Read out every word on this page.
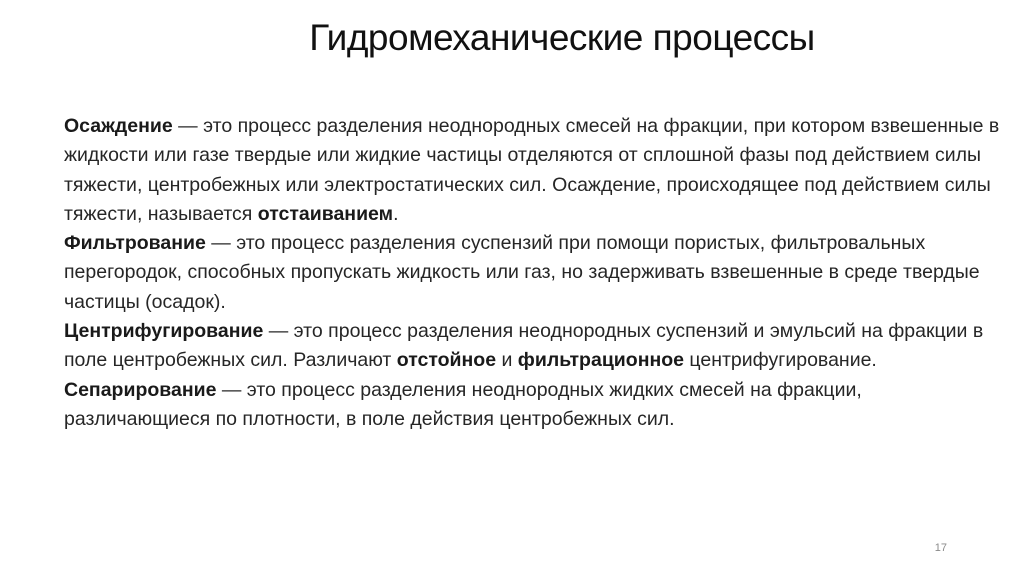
Гидромеханические процессы

Осаждение — это процесс разделения неоднородных смесей на фракции, при котором взвешенные в жидкости или газе твердые или жидкие частицы отделяются от сплошной фазы под действием силы тяжести, центробежных или электростатических сил. Осаждение, происходящее под действием силы тяжести, называется отстаиванием.

Фильтрование — это процесс разделения суспензий при помощи пористых, фильтровальных перегородок, способных пропускать жидкость или газ, но задерживать взвешенные в среде твердые частицы (осадок).

Центрифугирование — это процесс разделения неоднородных суспензий и эмульсий на фракции в поле центробежных сил. Различают отстойное и фильтрационное центрифугирование.

Сепарирование — это процесс разделения неоднородных жидких смесей на фракции, различающиеся по плотности, в поле действия центробежных сил.

17
